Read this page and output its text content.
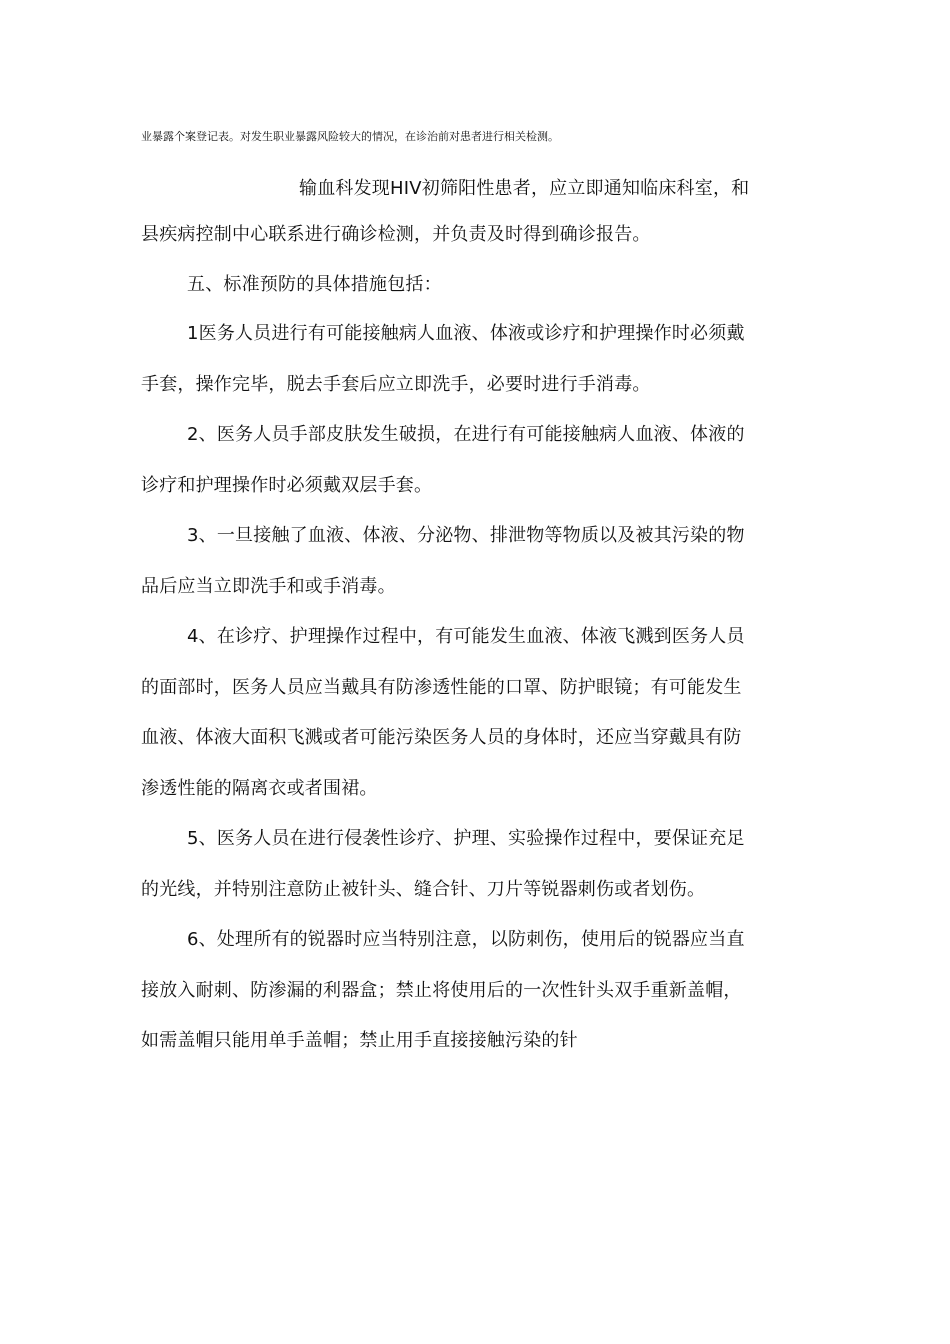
业暴露个案登记表。对发生职业暴露风险较大的情况，在诊治前对患者进行相关检测。
输血科发现HIV初筛阳性患者，应立即通知临床科室，和
县疾病控制中心联系进行确诊检测，并负责及时得到确诊报告。
五、标准预防的具体措施包括：
1医务人员进行有可能接触病人血液、体液或诊疗和护理操作时必须戴
手套，操作完毕，脱去手套后应立即洗手，必要时进行手消毒。
2、医务人员手部皮肤发生破损，在进行有可能接触病人血液、体液的
诊疗和护理操作时必须戴双层手套。
3、一旦接触了血液、体液、分泌物、排泄物等物质以及被其污染的物
品后应当立即洗手和或手消毒。
4、在诊疗、护理操作过程中，有可能发生血液、体液飞溅到医务人员
的面部时，医务人员应当戴具有防渗透性能的口罩、防护眼镜；有可能发生
血液、体液大面积飞溅或者可能污染医务人员的身体时，还应当穿戴具有防
渗透性能的隔离衣或者围裙。
5、医务人员在进行侵袭性诊疗、护理、实验操作过程中，要保证充足
的光线，并特别注意防止被针头、缝合针、刀片等锐器刺伤或者划伤。
6、处理所有的锐器时应当特别注意，以防刺伤，使用后的锐器应当直
接放入耐刺、防渗漏的利器盒；禁止将使用后的一次性针头双手重新盖帽，
如需盖帽只能用单手盖帽；禁止用手直接接触污染的针
